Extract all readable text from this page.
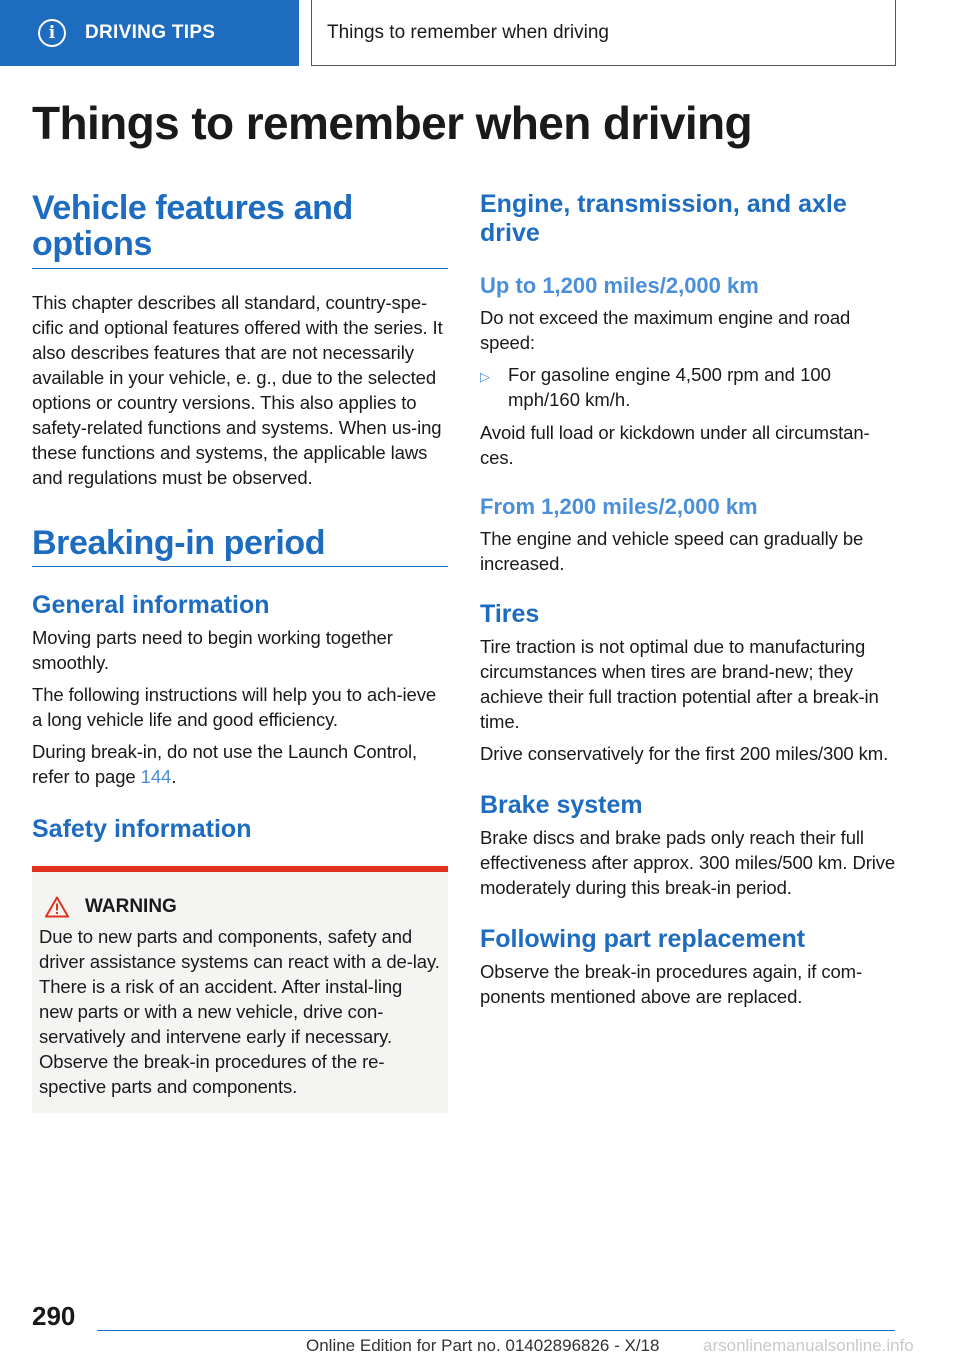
i	DRIVING TIPS	Things to remember when driving
Things to remember when driving
Vehicle features and options

This chapter describes all standard, country-spe-cific and optional features offered with the series. It also describes features that are not necessarily available in your vehicle, e. g., due to the selected options or country versions. This also applies to safety-related functions and systems. When us-ing these functions and systems, the applicable laws and regulations must be observed.

Breaking-in period
General information

Moving parts need to begin working together smoothly.

The following instructions will help you to ach-ieve a long vehicle life and good efficiency.

During break-in, do not use the Launch Control, refer to page 144.

Safety information
WARNING

Due to new parts and components, safety and driver assistance systems can react with a de-lay. There is a risk of an accident. After instal-ling new parts or with a new vehicle, drive con-servatively and intervene early if necessary. Observe the break-in procedures of the re-spective parts and components.

Engine, transmission, and axle drive
Up to 1,200 miles/2,000 km

Do not exceed the maximum engine and road speed:

▷ For gasoline engine 4,500 rpm and 100 mph/160 km/h.

Avoid full load or kickdown under all circumstan-ces.

From 1,200 miles/2,000 km

The engine and vehicle speed can gradually be increased.

Tires

Tire traction is not optimal due to manufacturing circumstances when tires are brand-new; they achieve their full traction potential after a break-in time.

Drive conservatively for the first 200 miles/300 km.

Brake system

Brake discs and brake pads only reach their full effectiveness after approx. 300 miles/500 km. Drive moderately during this break-in period.

Following part replacement

Observe the break-in procedures again, if com-ponents mentioned above are replaced.

290
Online Edition for Part no. 01402896826 - X/18	arsonlinemanualsonline.info
